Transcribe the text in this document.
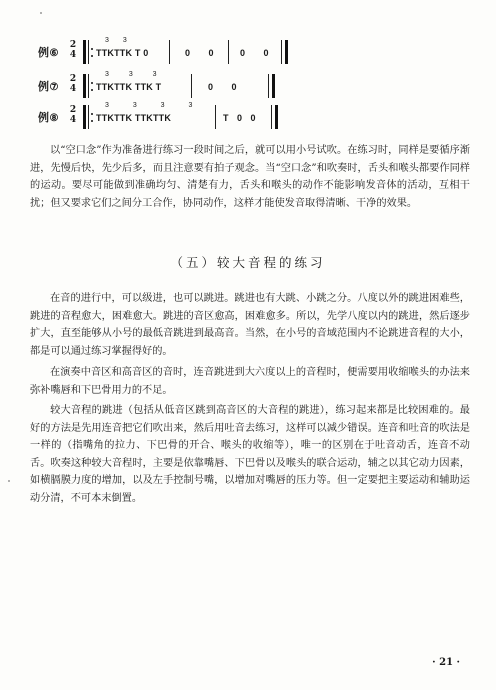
例⑥
2
4
3 3
TTKTTK T 0	0 0	0 0
例⑦
2
4
3 3 3
TTKTTK TTK T	0 0
例⑧
2
4
3 3 3 3
TTKTTK TTKTTK	T 0 0

以“空口念”作为准备进行练习一段时间之后，就可以用小号试吹。在练习时，同样是要循序渐进，先慢后快，先少后多，而且注意要有拍子观念。当“空口念”和吹奏时，舌头和喉头都要作同样的运动。要尽可能做到准确均匀、清楚有力，舌头和喉头的动作不能影响发音体的活动，互相干扰；但又要求它们之间分工合作，协同动作，这样才能使发音取得清晰、干净的效果。

（五）较大音程的练习

在音的进行中，可以级进，也可以跳进。跳进也有大跳、小跳之分。八度以外的跳进困难些，跳进的音程愈大，困难愈大。跳进的音区愈高，困难愈多。所以，先学八度以内的跳进，然后逐步扩大，直至能够从小号的最低音跳进到最高音。当然，在小号的音域范围内不论跳进音程的大小，都是可以通过练习掌握得好的。

在演奏中音区和高音区的音时，连音跳进到大六度以上的音程时，便需要用收缩喉头的办法来弥补嘴唇和下巴骨用力的不足。

较大音程的跳进（包括从低音区跳到高音区的大音程的跳进），练习起来都是比较困难的。最好的方法是先用连音把它们吹出来，然后用吐音去练习，这样可以减少错误。连音和吐音的吹法是一样的（指嘴角的拉力、下巴骨的开合、喉头的收缩等），唯一的区别在于吐音动舌，连音不动舌。吹奏这种较大音程时，主要是依靠嘴唇、下巴骨以及喉头的联合运动，辅之以其它动力因素，如横膈膜力度的增加，以及左手控制号嘴，以增加对嘴唇的压力等。但一定要把主要运动和辅助运动分清，不可本末倒置。

· 21 ·
